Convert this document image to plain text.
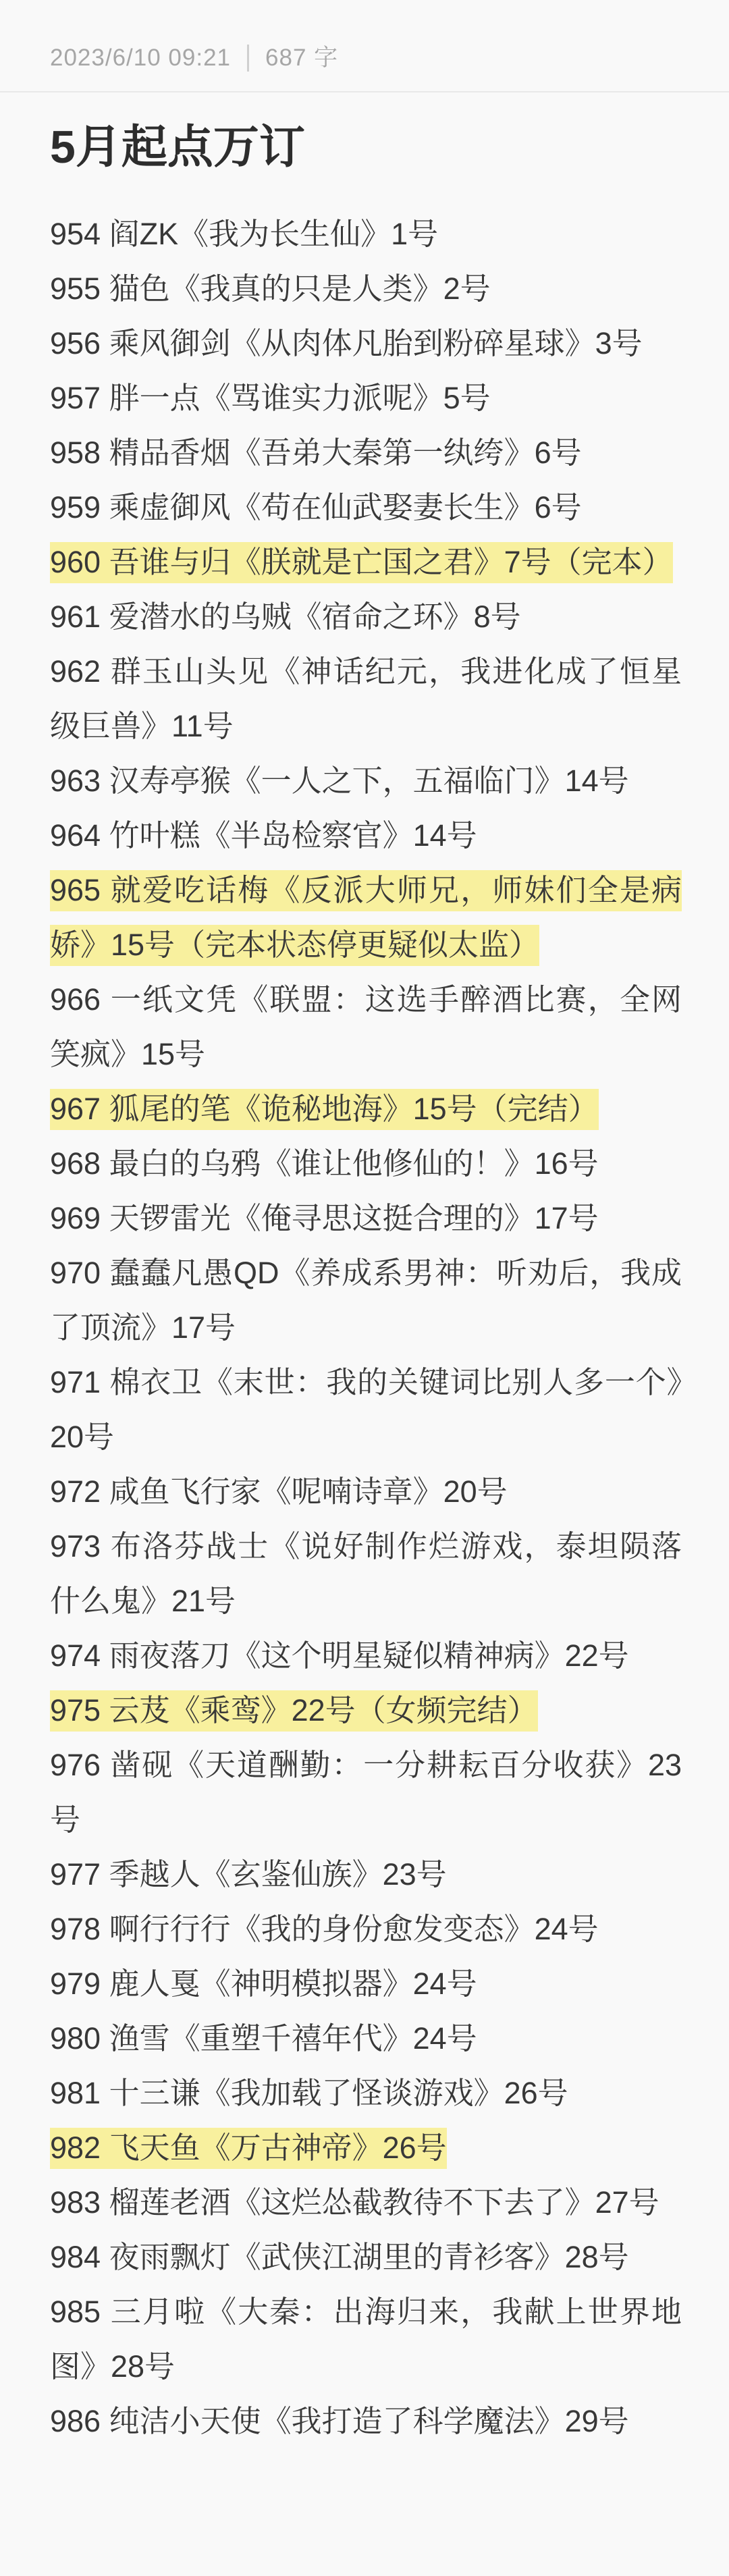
2023/6/10 09:21 687 字
5月起点万订

954 阎ZK《我为长生仙》1号

955 猫色《我真的只是人类》2号

956 乘风御剑《从肉体凡胎到粉碎星球》3号

957 胖一点《骂谁实力派呢》5号

958 精品香烟《吾弟大秦第一纨绔》6号

959 乘虚御风《苟在仙武娶妻长生》6号

960 吾谁与归《朕就是亡国之君》7号（完本）

961 爱潜水的乌贼《宿命之环》8号

962 群玉山头见《神话纪元，我进化成了恒星级巨兽》11号

963 汉寿亭猴《一人之下，五福临门》14号

964 竹叶糕《半岛检察官》14号

965 就爱吃话梅《反派大师兄，师妹们全是病娇》15号（完本状态停更疑似太监）

966 一纸文凭《联盟：这选手醉酒比赛，全网笑疯》15号

967 狐尾的笔《诡秘地海》15号（完结）

968 最白的乌鸦《谁让他修仙的！》16号

969 天锣雷光《俺寻思这挺合理的》17号

970 蠢蠢凡愚QD《养成系男神：听劝后，我成了顶流》17号

971 棉衣卫《末世：我的关键词比别人多一个》20号

972 咸鱼飞行家《呢喃诗章》20号

973 布洛芬战士《说好制作烂游戏，泰坦陨落什么鬼》21号

974 雨夜落刀《这个明星疑似精神病》22号

975 云芨《乘鸾》22号（女频完结）

976 凿砚《天道酬勤：一分耕耘百分收获》23号

977 季越人《玄鉴仙族》23号

978 啊行行行《我的身份愈发变态》24号

979 鹿人戛《神明模拟器》24号

980 渔雪《重塑千禧年代》24号

981 十三谦《我加载了怪谈游戏》26号

982 飞天鱼《万古神帝》26号

983 榴莲老酒《这烂怂截教待不下去了》27号

984 夜雨飘灯《武侠江湖里的青衫客》28号

985 三月啦《大秦：出海归来，我献上世界地图》28号

986 纯洁小天使《我打造了科学魔法》29号
